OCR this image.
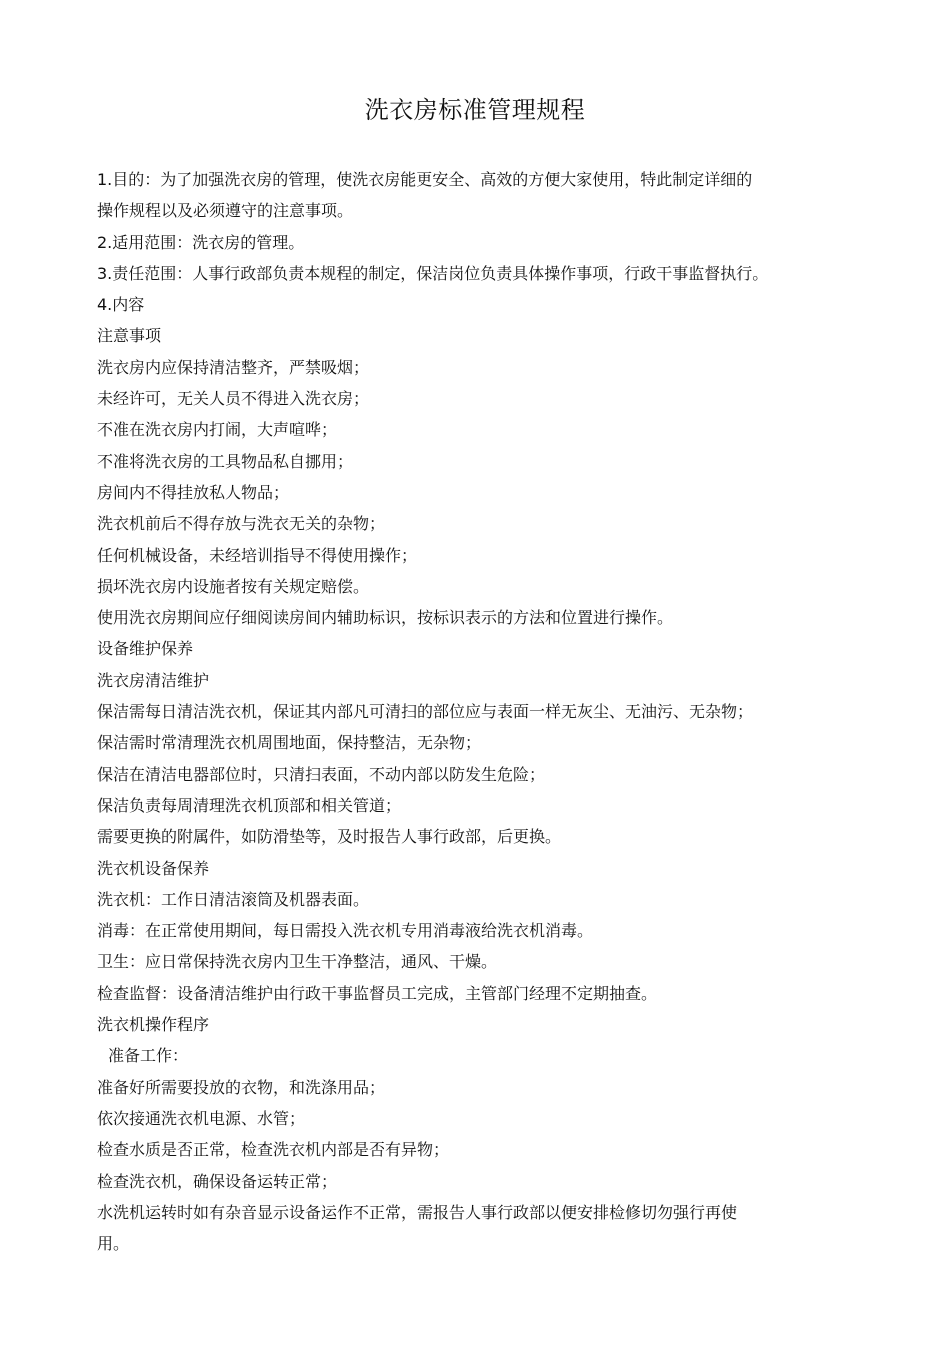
洗衣房标准管理规程

1.目的：为了加强洗衣房的管理，使洗衣房能更安全、高效的方便大家使用，特此制定详细的

操作规程以及必须遵守的注意事项。

2.适用范围：洗衣房的管理。

3.责任范围：人事行政部负责本规程的制定，保洁岗位负责具体操作事项，行政干事监督执行。

4.内容

注意事项

洗衣房内应保持清洁整齐，严禁吸烟；

未经许可，无关人员不得进入洗衣房；

不准在洗衣房内打闹，大声喧哗；

不准将洗衣房的工具物品私自挪用；

房间内不得挂放私人物品；

洗衣机前后不得存放与洗衣无关的杂物；

任何机械设备，未经培训指导不得使用操作；

损坏洗衣房内设施者按有关规定赔偿。

使用洗衣房期间应仔细阅读房间内辅助标识，按标识表示的方法和位置进行操作。

设备维护保养

洗衣房清洁维护

保洁需每日清洁洗衣机，保证其内部凡可清扫的部位应与表面一样无灰尘、无油污、无杂物；

保洁需时常清理洗衣机周围地面，保持整洁，无杂物；

保洁在清洁电器部位时，只清扫表面，不动内部以防发生危险；

保洁负责每周清理洗衣机顶部和相关管道；

需要更换的附属件，如防滑垫等，及时报告人事行政部，后更换。

洗衣机设备保养

洗衣机：工作日清洁滚筒及机器表面。

消毒：在正常使用期间，每日需投入洗衣机专用消毒液给洗衣机消毒。

卫生：应日常保持洗衣房内卫生干净整洁，通风、干燥。

检查监督：设备清洁维护由行政干事监督员工完成，主管部门经理不定期抽查。

洗衣机操作程序

准备工作：

准备好所需要投放的衣物，和洗涤用品；

依次接通洗衣机电源、水管；

检查水质是否正常，检查洗衣机内部是否有异物；

检查洗衣机，确保设备运转正常；

水洗机运转时如有杂音显示设备运作不正常，需报告人事行政部以便安排检修切勿强行再使

用。
